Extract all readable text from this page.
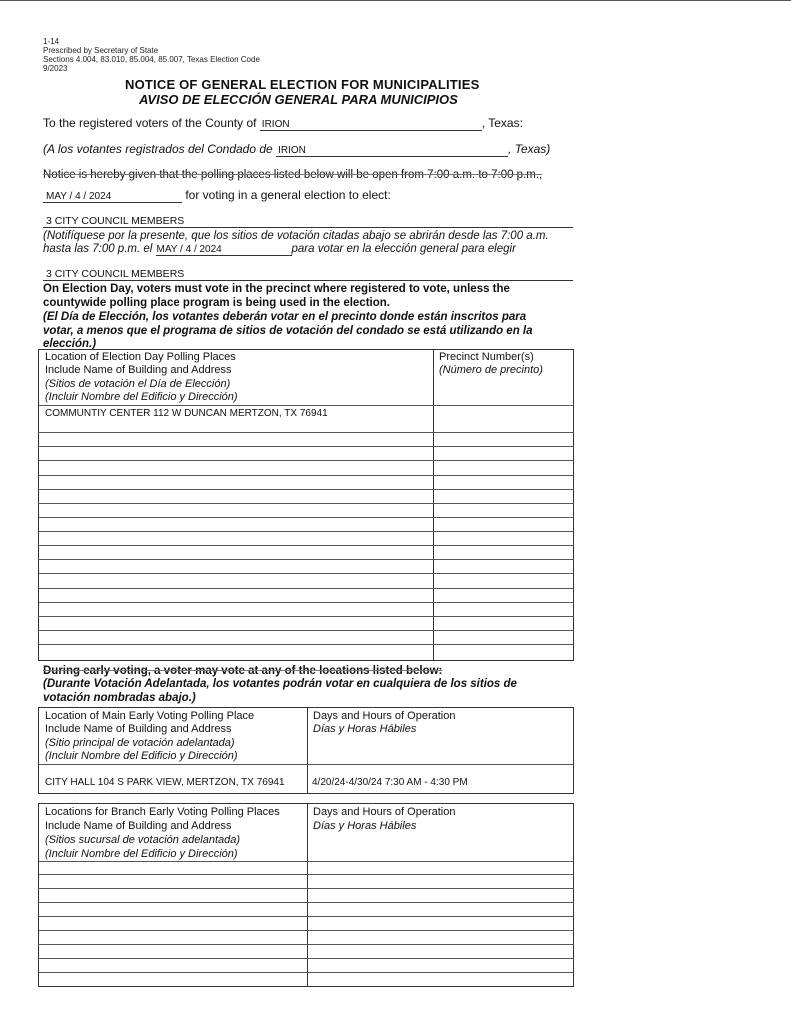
1-14
Prescribed by Secretary of State
Sections 4.004, 83.010, 85.004, 85.007, Texas Election Code
9/2023
NOTICE OF GENERAL ELECTION FOR MUNICIPALITIES
AVISO DE ELECCIÓN GENERAL PARA MUNICIPIOS
To the registered voters of the County of IRION	, Texas:
(A los votantes registrados del Condado de IRION	, Texas)
Notice is hereby given that the polling places listed below will be open from 7:00 a.m. to 7:00 p.m.,
MAY / 4 / 2024	for voting in a general election to elect:
3 CITY COUNCIL MEMBERS
(Notifíquese por la presente, que los sitios de votación citadas abajo se abrirán desde las 7:00 a.m.
hasta las 7:00 p.m. el MAY / 4 / 2024	para votar en la elección general para elegir
3 CITY COUNCIL MEMBERS
On Election Day, voters must vote in the precinct where registered to vote, unless the
countywide polling place program is being used in the election.
(El Día de Elección, los votantes deberán votar en el precinto donde están inscritos para
votar, a menos que el programa de sitios de votación del condado se está utilizando en la
elección.)
Location of Election Day Polling Places
Include Name of Building and Address
(Sitios de votación el Día de Elección)
(Incluir Nombre del Edificio y Dirección)
Precinct Number(s)
(Número de precinto)
COMMUNTIY CENTER 112 W DUNCAN MERTZON, TX 76941
During early voting, a voter may vote at any of the locations listed below:
(Durante Votación Adelantada, los votantes podrán votar en cualquiera de los sitios de
votación nombradas abajo.)
Location of Main Early Voting Polling Place
Include Name of Building and Address
(Sitio principal de votación adelantada)
(Incluir Nombre del Edificio y Dirección)
Days and Hours of Operation
Días y Horas Hábiles
CITY HALL 104 S PARK VIEW, MERTZON, TX 76941	4/20/24-4/30/24 7:30 AM - 4:30 PM
Locations for Branch Early Voting Polling Places
Include Name of Building and Address
(Sitios sucursal de votación adelantada)
(Incluir Nombre del Edificio y Dirección)
Days and Hours of Operation
Días y Horas Hábiles
